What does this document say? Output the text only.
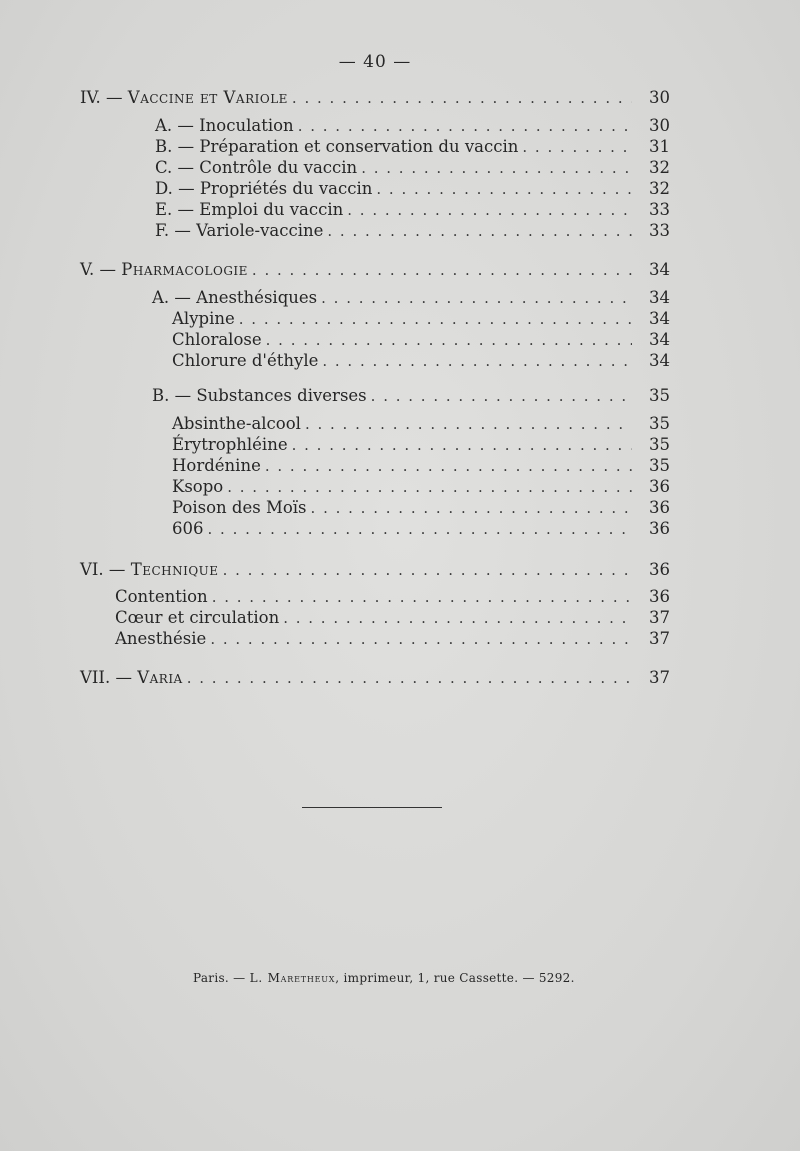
— 40 —
IV. — Vaccine et Variole . . .	30
A. — Inoculation . . .	30
B. — Préparation et conservation du vaccin . . .	31
C. — Contrôle du vaccin . . .	32
D. — Propriétés du vaccin . . .	32
E. — Emploi du vaccin . . .	33
F. — Variole-vaccine . . .	33
V. — Pharmacologie . . .	34
A. — Anesthésiques . . .	34
Alypine . . .	34
Chloralose . . .	34
Chlorure d'éthyle . . .	34
B. — Substances diverses . . .	35
Absinthe-alcool . . .	35
Érytrophléine . . .	35
Hordénine . . .	35
Ksopo . . .	36
Poison des Moïs . . .	36
606 . . .	36
VI. — Technique . . .	36
Contention . . .	36
Cœur et circulation . . .	37
Anesthésie . . .	37
VII. — Varia . . .	37
Paris. — L. Maretheux, imprimeur, 1, rue Cassette. — 5292.
